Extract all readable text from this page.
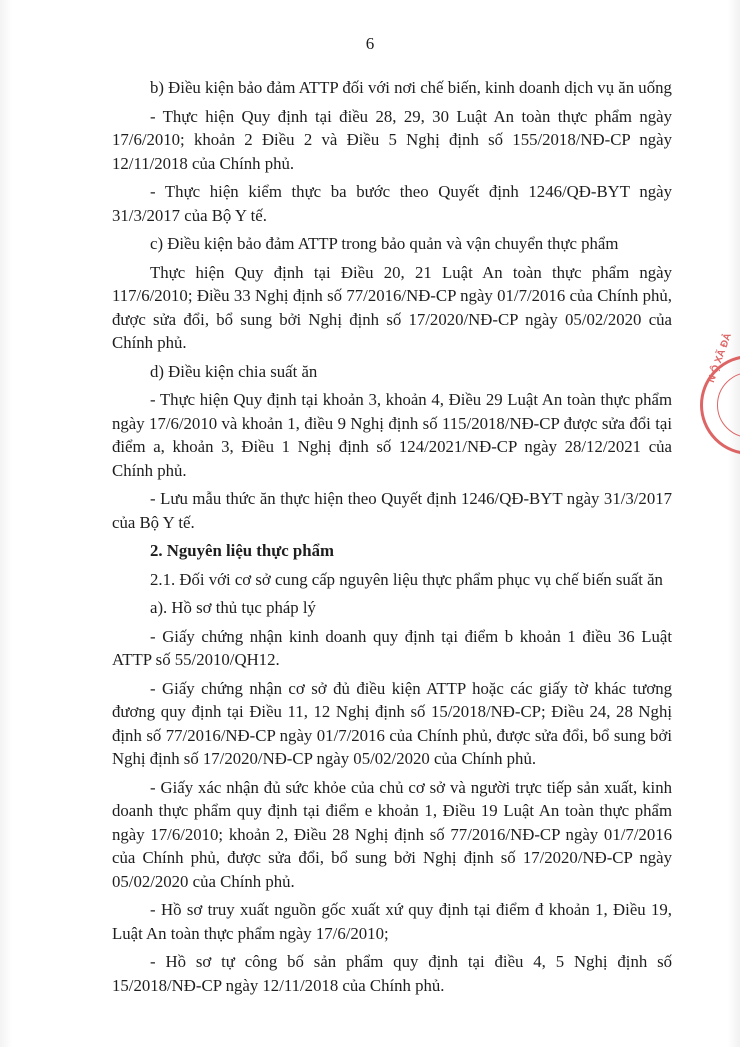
6

b) Điều kiện bảo đảm ATTP đối với nơi chế biến, kinh doanh dịch vụ ăn uống

- Thực hiện Quy định tại điều 28, 29, 30 Luật An toàn thực phẩm ngày 17/6/2010; khoản 2 Điều 2 và Điều 5 Nghị định số 155/2018/NĐ-CP ngày 12/11/2018 của Chính phủ.

- Thực hiện kiểm thực ba bước theo Quyết định 1246/QĐ-BYT ngày 31/3/2017 của Bộ Y tế.

c) Điều kiện bảo đảm ATTP trong bảo quản và vận chuyển thực phẩm

Thực hiện Quy định tại Điều 20, 21 Luật An toàn thực phẩm ngày 117/6/2010; Điều 33 Nghị định số 77/2016/NĐ-CP ngày 01/7/2016 của Chính phủ, được sửa đổi, bổ sung bởi Nghị định số 17/2020/NĐ-CP ngày 05/02/2020 của Chính phủ.

d) Điều kiện chia suất ăn

- Thực hiện Quy định tại khoản 3, khoản 4, Điều 29 Luật An toàn thực phẩm ngày 17/6/2010 và khoản 1, điều 9 Nghị định số 115/2018/NĐ-CP được sửa đổi tại điểm a, khoản 3, Điều 1 Nghị định số 124/2021/NĐ-CP ngày 28/12/2021 của Chính phủ.

- Lưu mẫu thức ăn thực hiện theo Quyết định 1246/QĐ-BYT ngày 31/3/2017 của Bộ Y tế.

2. Nguyên liệu thực phẩm

2.1. Đối với cơ sở cung cấp nguyên liệu thực phẩm phục vụ chế biến suất ăn

a). Hồ sơ thủ tục pháp lý

- Giấy chứng nhận kinh doanh quy định tại điểm b khoản 1 điều 36 Luật ATTP số 55/2010/QH12.

- Giấy chứng nhận cơ sở đủ điều kiện ATTP hoặc các giấy tờ khác tương đương quy định tại Điều 11, 12 Nghị định số 15/2018/NĐ-CP; Điều 24, 28 Nghị định số 77/2016/NĐ-CP ngày 01/7/2016 của Chính phủ, được sửa đổi, bổ sung bởi Nghị định số 17/2020/NĐ-CP ngày 05/02/2020 của Chính phủ.

- Giấy xác nhận đủ sức khỏe của chủ cơ sở và người trực tiếp sản xuất, kinh doanh thực phẩm quy định tại điểm e khoản 1, Điều 19 Luật An toàn thực phẩm ngày 17/6/2010; khoản 2, Điều 28 Nghị định số 77/2016/NĐ-CP ngày 01/7/2016 của Chính phủ, được sửa đổi, bổ sung bởi Nghị định số 17/2020/NĐ-CP ngày 05/02/2020 của Chính phủ.

- Hồ sơ truy xuất nguồn gốc xuất xứ quy định tại điểm đ khoản 1, Điều 19, Luật An toàn thực phẩm ngày 17/6/2010;

- Hồ sơ tự công bố sản phẩm quy định tại điều 4, 5 Nghị định số 15/2018/NĐ-CP ngày 12/11/2018 của Chính phủ.

N Ộ XÃ ĐẢ
